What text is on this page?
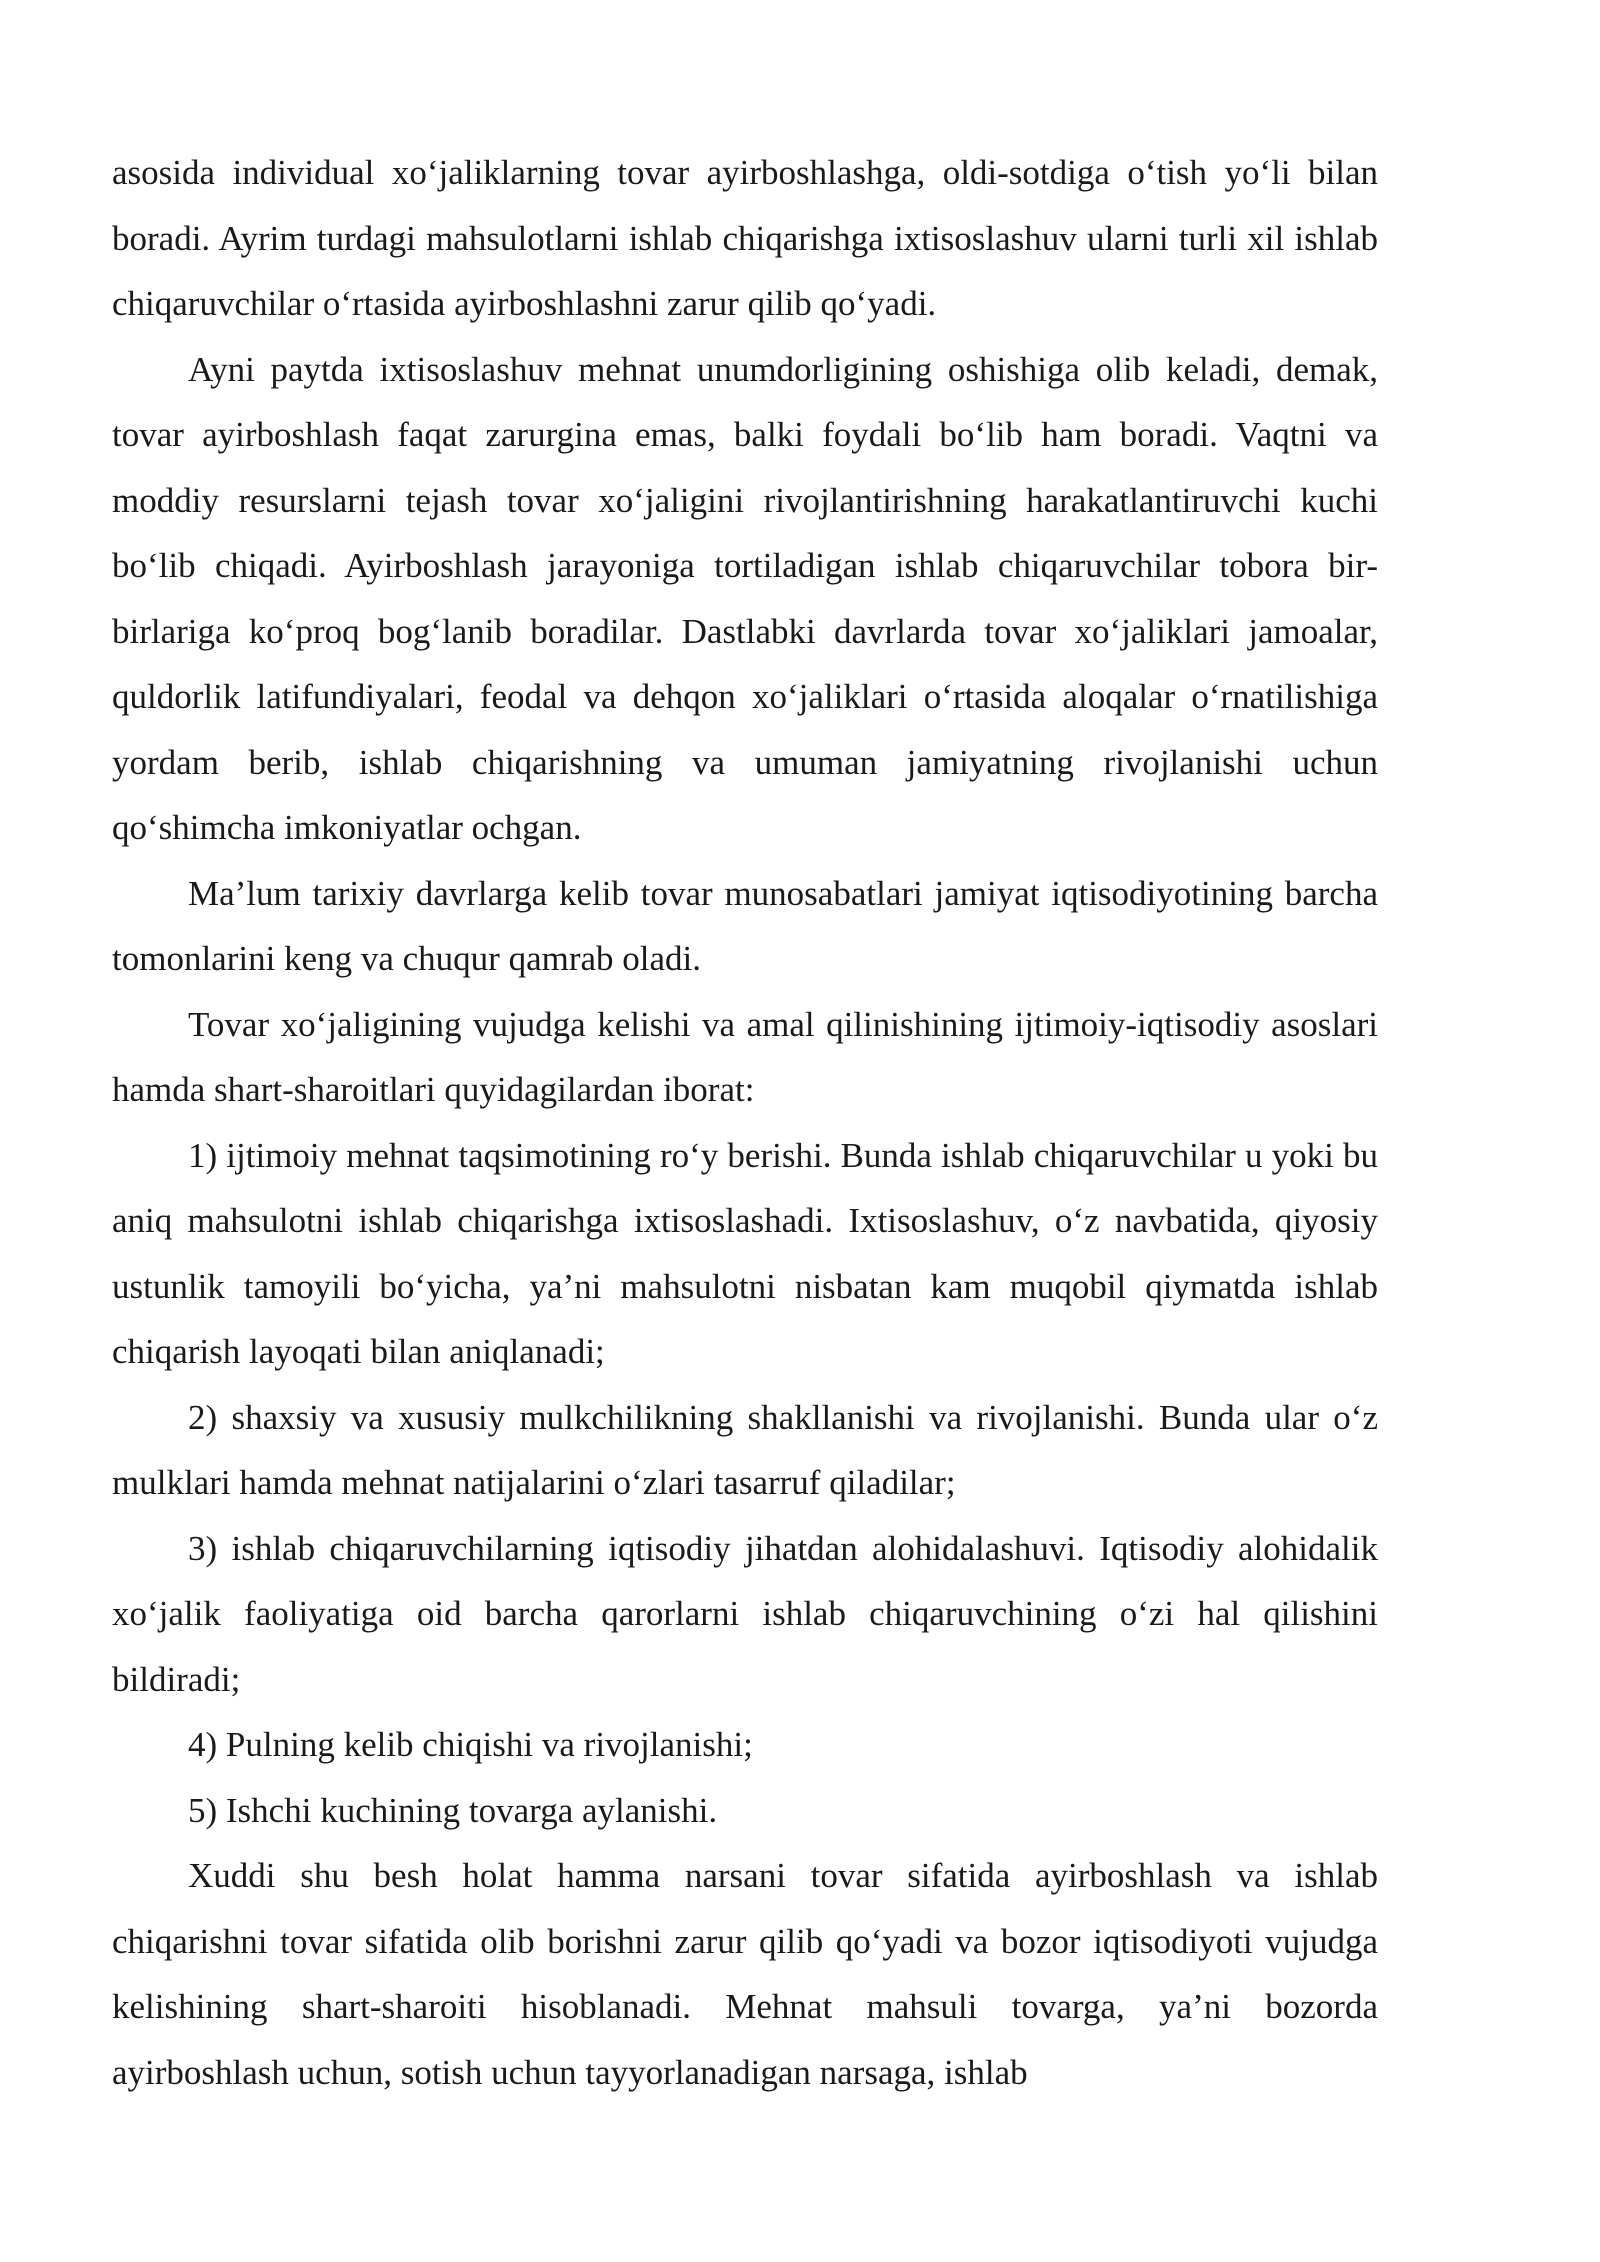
asosida individual xo‘jaliklarning tovar ayirboshlashga, oldi-sotdiga o‘tish yo‘li bilan boradi. Ayrim turdagi mahsulotlarni ishlab chiqarishga ixtisoslashuv ularni turli xil ishlab chiqaruvchilar o‘rtasida ayirboshlashni zarur qilib qo‘yadi.

Ayni paytda ixtisoslashuv mehnat unumdorligining oshishiga olib keladi, demak, tovar ayirboshlash faqat zarurgina emas, balki foydali bo‘lib ham boradi. Vaqtni va moddiy resurslarni tejash tovar xo‘jaligini rivojlantirishning harakatlantiruvchi kuchi bo‘lib chiqadi. Ayirboshlash jarayoniga tortiladigan ishlab chiqaruvchilar tobora bir-birlariga ko‘proq bog‘lanib boradilar. Dastlabki davrlarda tovar xo‘jaliklari jamoalar, quldorlik latifundiyalari, feodal va dehqon xo‘jaliklari o‘rtasida aloqalar o‘rnatilishiga yordam berib, ishlab chiqarishning va umuman jamiyatning rivojlanishi uchun qo‘shimcha imkoniyatlar ochgan.

Ma’lum tarixiy davrlarga kelib tovar munosabatlari jamiyat iqtisodiyotining barcha tomonlarini keng va chuqur qamrab oladi.

Tovar xo‘jaligining vujudga kelishi va amal qilinishining ijtimoiy-iqtisodiy asoslari hamda shart-sharoitlari quyidagilardan iborat:

1) ijtimoiy mehnat taqsimotining ro‘y berishi. Bunda ishlab chiqaruvchilar u yoki bu aniq mahsulotni ishlab chiqarishga ixtisoslashadi. Ixtisoslashuv, o‘z navbatida, qiyosiy ustunlik tamoyili bo‘yicha, ya’ni mahsulotni nisbatan kam muqobil qiymatda ishlab chiqarish layoqati bilan aniqlanadi;

2) shaxsiy va xususiy mulkchilikning shakllanishi va rivojlanishi. Bunda ular o‘z mulklari hamda mehnat natijalarini o‘zlari tasarruf qiladilar;

3) ishlab chiqaruvchilarning iqtisodiy jihatdan alohidalashuvi. Iqtisodiy alohidalik xo‘jalik faoliyatiga oid barcha qarorlarni ishlab chiqaruvchining o‘zi hal qilishini bildiradi;

4) Pulning kelib chiqishi va rivojlanishi;

5) Ishchi kuchining tovarga aylanishi.

Xuddi shu besh holat hamma narsani tovar sifatida ayirboshlash va ishlab chiqarishni tovar sifatida olib borishni zarur qilib qo‘yadi va bozor iqtisodiyoti vujudga kelishining shart-sharoiti hisoblanadi. Mehnat mahsuli tovarga, ya’ni bozorda ayirboshlash uchun, sotish uchun tayyorlanadigan narsaga, ishlab
